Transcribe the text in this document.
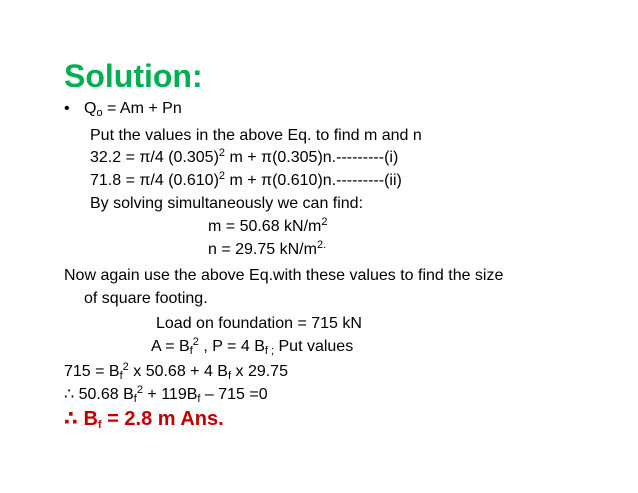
Solution:
• $Q_o = Am + Pn$
Put the values in the above Eq. to find m and n
32.2 = π/4 $(0.305)^2$ m + π(0.305)n.---------(i)
71.8 = π/4 $(0.610)^2$ m + π(0.610)n.---------(ii)
By solving simultaneously we can find:
m = 50.68 $kN/m^2$
n = 29.75 $kN/m^{2.}$
Now again use the above Eq.with these values to find the size
of square footing.
Load on foundation = 715 kN
$A = B_f^2$ , P = 4 $B_f$ $_;$ Put values
$715 = B_f^2$ x 50.68 + 4 $B_f$ x 29.75
∴ 50.68 $B_f^2 + 119B_f - 715 =0$
∴ $B_f = 2.8$ m Ans.
